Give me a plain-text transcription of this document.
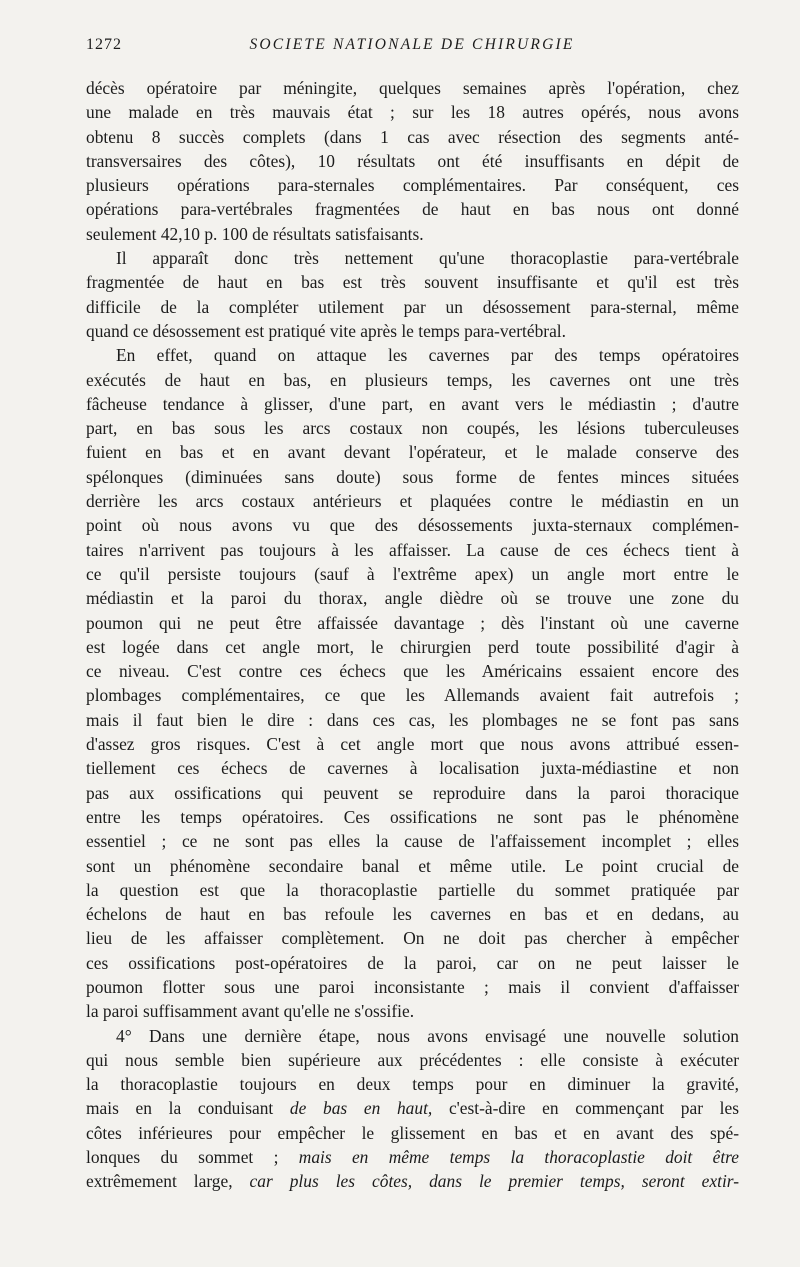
1272	SOCIETE NATIONALE DE CHIRURGIE

décès opératoire par méningite, quelques semaines après l'opération, chez
une malade en très mauvais état ; sur les 18 autres opérés, nous avons
obtenu 8 succès complets (dans 1 cas avec résection des segments anté-
transversaires des côtes), 10 résultats ont été insuffisants en dépit de
plusieurs opérations para-sternales complémentaires. Par conséquent, ces
opérations para-vertébrales fragmentées de haut en bas nous ont donné
seulement 42,10 p. 100 de résultats satisfaisants.

Il apparaît donc très nettement qu'une thoracoplastie para-vertébrale
fragmentée de haut en bas est très souvent insuffisante et qu'il est très
difficile de la compléter utilement par un désossement para-sternal, même
quand ce désossement est pratiqué vite après le temps para-vertébral.

En effet, quand on attaque les cavernes par des temps opératoires
exécutés de haut en bas, en plusieurs temps, les cavernes ont une très
fâcheuse tendance à glisser, d'une part, en avant vers le médiastin ; d'autre
part, en bas sous les arcs costaux non coupés, les lésions tuberculeuses
fuient en bas et en avant devant l'opérateur, et le malade conserve des
spélonques (diminuées sans doute) sous forme de fentes minces situées
derrière les arcs costaux antérieurs et plaquées contre le médiastin en un
point où nous avons vu que des désossements juxta-sternaux complémen-
taires n'arrivent pas toujours à les affaisser. La cause de ces échecs tient à
ce qu'il persiste toujours (sauf à l'extrême apex) un angle mort entre le
médiastin et la paroi du thorax, angle dièdre où se trouve une zone du
poumon qui ne peut être affaissée davantage ; dès l'instant où une caverne
est logée dans cet angle mort, le chirurgien perd toute possibilité d'agir à
ce niveau. C'est contre ces échecs que les Américains essaient encore des
plombages complémentaires, ce que les Allemands avaient fait autrefois ;
mais il faut bien le dire : dans ces cas, les plombages ne se font pas sans
d'assez gros risques. C'est à cet angle mort que nous avons attribué essen-
tiellement ces échecs de cavernes à localisation juxta-médiastine et non
pas aux ossifications qui peuvent se reproduire dans la paroi thoracique
entre les temps opératoires. Ces ossifications ne sont pas le phénomène
essentiel ; ce ne sont pas elles la cause de l'affaissement incomplet ; elles
sont un phénomène secondaire banal et même utile. Le point crucial de
la question est que la thoracoplastie partielle du sommet pratiquée par
échelons de haut en bas refoule les cavernes en bas et en dedans, au
lieu de les affaisser complètement. On ne doit pas chercher à empêcher
ces ossifications post-opératoires de la paroi, car on ne peut laisser le
poumon flotter sous une paroi inconsistante ; mais il convient d'affaisser
la paroi suffisamment avant qu'elle ne s'ossifie.

4° Dans une dernière étape, nous avons envisagé une nouvelle solution
qui nous semble bien supérieure aux précédentes : elle consiste à exécuter
la thoracoplastie toujours en deux temps pour en diminuer la gravité,
mais en la conduisant de bas en haut, c'est-à-dire en commençant par les
côtes inférieures pour empêcher le glissement en bas et en avant des spé-
lonques du sommet ; mais en même temps la thoracoplastie doit être
extrêmement large, car plus les côtes, dans le premier temps, seront extir-
